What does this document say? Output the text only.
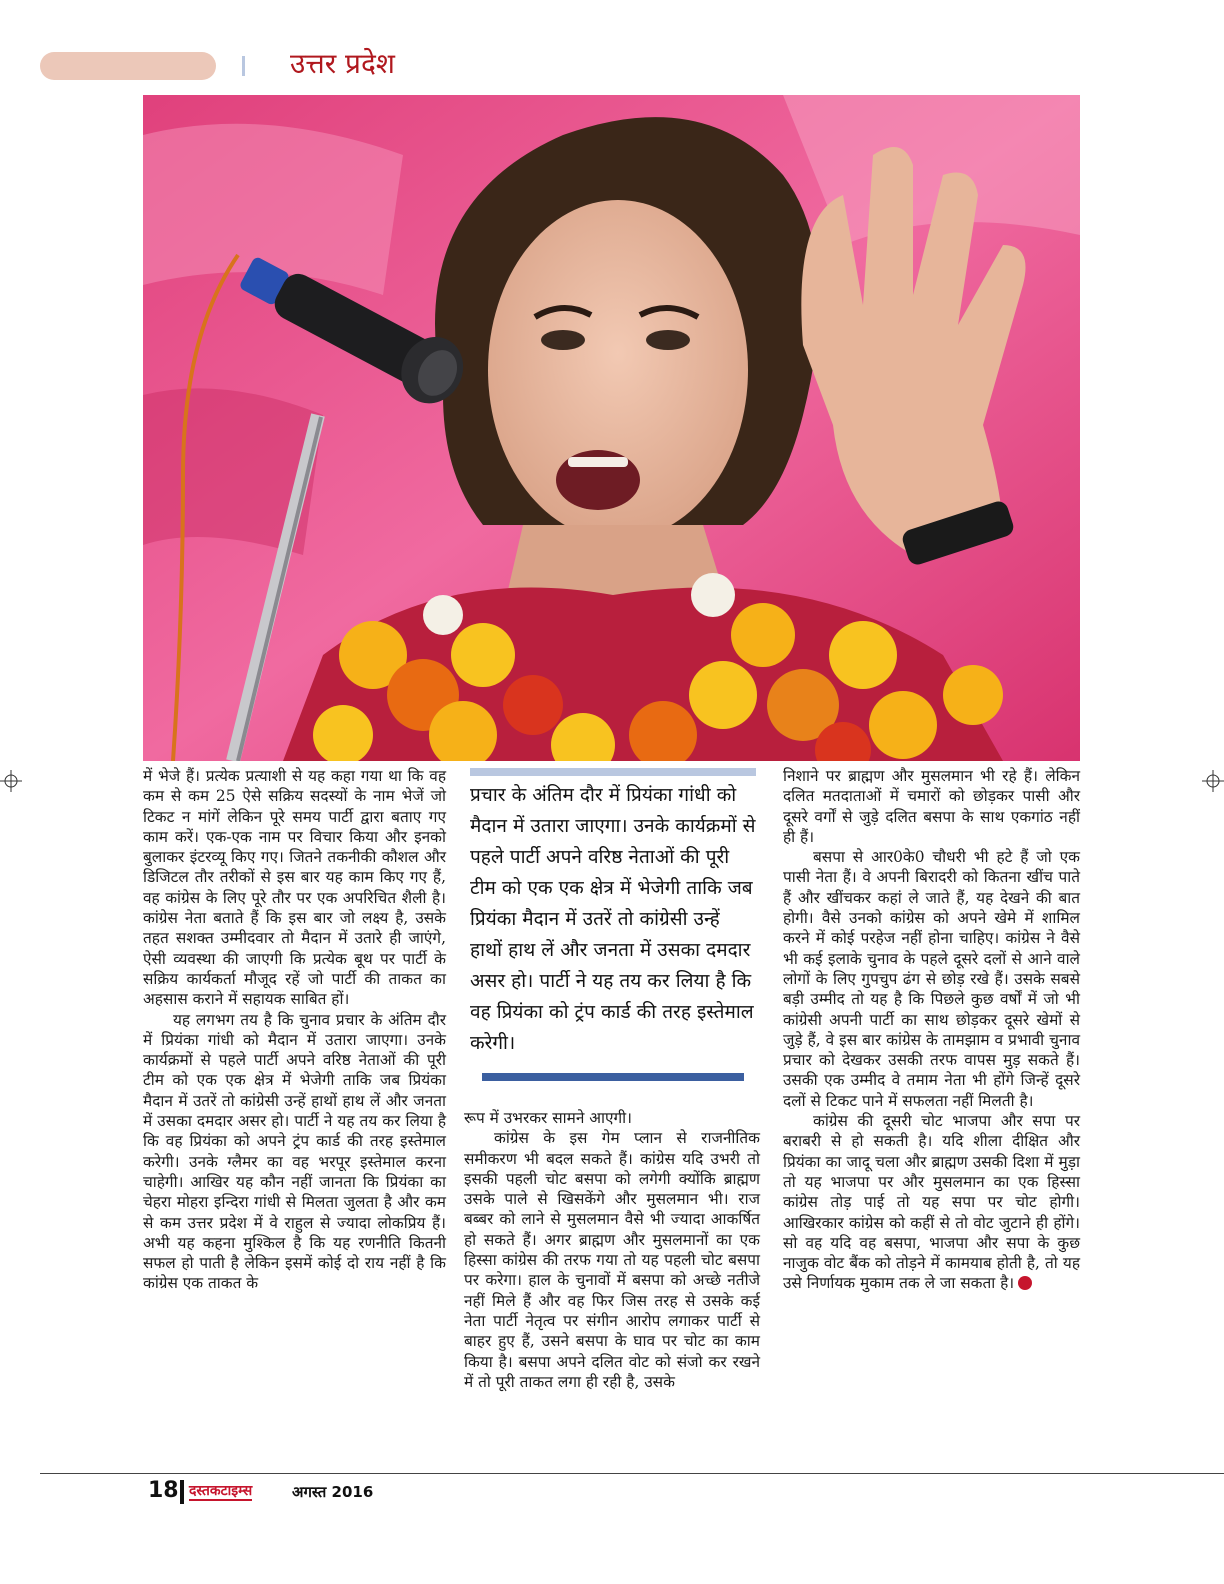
उत्तर प्रदेश

में भेजे हैं। प्रत्येक प्रत्याशी से यह कहा गया था कि वह कम से कम 25 ऐसे सक्रिय सदस्यों के नाम भेजें जो टिकट न मांगें लेकिन पूरे समय पार्टी द्वारा बताए गए काम करें। एक-एक नाम पर विचार किया और इनको बुलाकर इंटरव्यू किए गए। जितने तकनीकी कौशल और डिजिटल तौर तरीकों से इस बार यह काम किए गए हैं, वह कांग्रेस के लिए पूरे तौर पर एक अपरिचित शैली है। कांग्रेस नेता बताते हैं कि इस बार जो लक्ष्य है, उसके तहत सशक्त उम्मीदवार तो मैदान में उतारे ही जाएंगे, ऐसी व्यवस्था की जाएगी कि प्रत्येक बूथ पर पार्टी के सक्रिय कार्यकर्ता मौजूद रहें जो पार्टी की ताकत का अहसास कराने में सहायक साबित हों।

यह लगभग तय है कि चुनाव प्रचार के अंतिम दौर में प्रियंका गांधी को मैदान में उतारा जाएगा। उनके कार्यक्रमों से पहले पार्टी अपने वरिष्ठ नेताओं की पूरी टीम को एक एक क्षेत्र में भेजेगी ताकि जब प्रियंका मैदान में उतरें तो कांग्रेसी उन्हें हाथों हाथ लें और जनता में उसका दमदार असर हो। पार्टी ने यह तय कर लिया है कि वह प्रियंका को अपने ट्रंप कार्ड की तरह इस्तेमाल करेगी। उनके ग्लैमर का वह भरपूर इस्तेमाल करना चाहेगी। आखिर यह कौन नहीं जानता कि प्रियंका का चेहरा मोहरा इन्दिरा गांधी से मिलता जुलता है और कम से कम उत्तर प्रदेश में वे राहुल से ज्यादा लोकप्रिय हैं। अभी यह कहना मुश्किल है कि यह रणनीति कितनी सफल हो पाती है लेकिन इसमें कोई दो राय नहीं है कि कांग्रेस एक ताकत के

प्रचार के अंतिम दौर में प्रियंका गांधी को मैदान में उतारा जाएगा। उनके कार्यक्रमों से पहले पार्टी अपने वरिष्ठ नेताओं की पूरी टीम को एक एक क्षेत्र में भेजेगी ताकि जब प्रियंका मैदान में उतरें तो कांग्रेसी उन्हें हाथों हाथ लें और जनता में उसका दमदार असर हो। पार्टी ने यह तय कर लिया है कि वह प्रियंका को ट्रंप कार्ड की तरह इस्तेमाल करेगी।

रूप में उभरकर सामने आएगी।

कांग्रेस के इस गेम प्लान से राजनीतिक समीकरण भी बदल सकते हैं। कांग्रेस यदि उभरी तो इसकी पहली चोट बसपा को लगेगी क्योंकि ब्राह्मण उसके पाले से खिसकेंगे और मुसलमान भी। राज बब्बर को लाने से मुसलमान वैसे भी ज्यादा आकर्षित हो सकते हैं। अगर ब्राह्मण और मुसलमानों का एक हिस्सा कांग्रेस की तरफ गया तो यह पहली चोट बसपा पर करेगा। हाल के चुनावों में बसपा को अच्छे नतीजे नहीं मिले हैं और वह फिर जिस तरह से उसके कई नेता पार्टी नेतृत्व पर संगीन आरोप लगाकर पार्टी से बाहर हुए हैं, उसने बसपा के घाव पर चोट का काम किया है। बसपा अपने दलित वोट को संजो कर रखने में तो पूरी ताकत लगा ही रही है, उसके

निशाने पर ब्राह्मण और मुसलमान भी रहे हैं। लेकिन दलित मतदाताओं में चमारों को छोड़कर पासी और दूसरे वर्गों से जुड़े दलित बसपा के साथ एकगांठ नहीं ही हैं।

बसपा से आर0के0 चौधरी भी हटे हैं जो एक पासी नेता हैं। वे अपनी बिरादरी को कितना खींच पाते हैं और खींचकर कहां ले जाते हैं, यह देखने की बात होगी। वैसे उनको कांग्रेस को अपने खेमे में शामिल करने में कोई परहेज नहीं होना चाहिए। कांग्रेस ने वैसे भी कई इलाके चुनाव के पहले दूसरे दलों से आने वाले लोगों के लिए गुपचुप ढंग से छोड़ रखे हैं। उसके सबसे बड़ी उम्मीद तो यह है कि पिछले कुछ वर्षों में जो भी कांग्रेसी अपनी पार्टी का साथ छोड़कर दूसरे खेमों से जुड़े हैं, वे इस बार कांग्रेस के तामझाम व प्रभावी चुनाव प्रचार को देखकर उसकी तरफ वापस मुड़ सकते हैं। उसकी एक उम्मीद वे तमाम नेता भी होंगे जिन्हें दूसरे दलों से टिकट पाने में सफलता नहीं मिलती है।

कांग्रेस की दूसरी चोट भाजपा और सपा पर बराबरी से हो सकती है। यदि शीला दीक्षित और प्रियंका का जादू चला और ब्राह्मण उसकी दिशा में मुड़ा तो यह भाजपा पर और मुसलमान का एक हिस्सा कांग्रेस तोड़ पाई तो यह सपा पर चोट होगी। आखिरकार कांग्रेस को कहीं से तो वोट जुटाने ही होंगे। सो वह यदि वह बसपा, भाजपा और सपा के कुछ नाजुक वोट बैंक को तोड़ने में कामयाब होती है, तो यह उसे निर्णायक मुकाम तक ले जा सकता है।

18 दस्तकटाइम्स	अगस्त 2016
